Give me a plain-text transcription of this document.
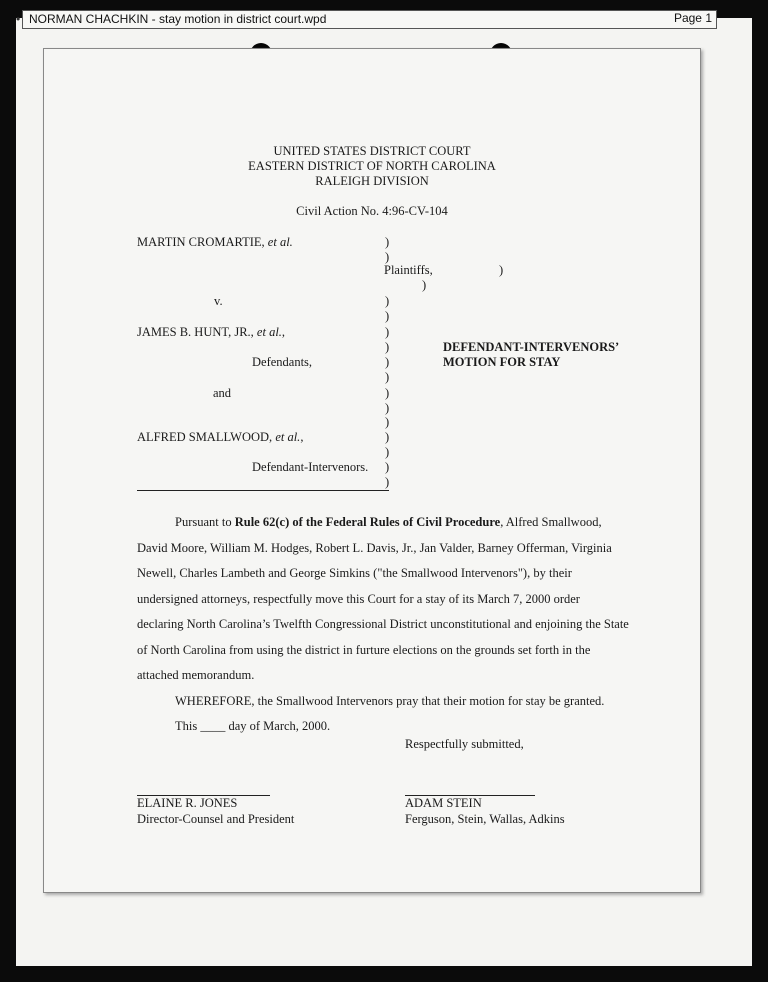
• NORMAN CHACHKIN - stay motion in district court.wpd	Page 1
UNITED STATES DISTRICT COURT
EASTERN DISTRICT OF NORTH CAROLINA
RALEIGH DIVISION
Civil Action No. 4:96-CV-104
MARTIN CROMARTIE, et al.
Plaintiffs,
v.
JAMES B. HUNT, JR., et al.,
Defendants,
and
ALFRED SMALLWOOD, et al.,
Defendant-Intervenors.
)
)
)
)
)
)
)
)
)
)
)
)
)
)
)
)
)
DEFENDANT-INTERVENORS’
MOTION FOR STAY
Pursuant to Rule 62(c) of the Federal Rules of Civil Procedure, Alfred Smallwood,
David Moore, William M. Hodges, Robert L. Davis, Jr., Jan Valder, Barney Offerman, Virginia
Newell, Charles Lambeth and George Simkins ("the Smallwood Intervenors"), by their
undersigned attorneys, respectfully move this Court for a stay of its March 7, 2000 order
declaring North Carolina’s Twelfth Congressional District unconstitutional and enjoining the State
of North Carolina from using the district in furture elections on the grounds set forth in the
attached memorandum.
WHEREFORE, the Smallwood Intervenors pray that their motion for stay be granted.
This ____ day of March, 2000.
Respectfully submitted,
ELAINE R. JONES
Director-Counsel and President
ADAM STEIN
Ferguson, Stein, Wallas, Adkins
